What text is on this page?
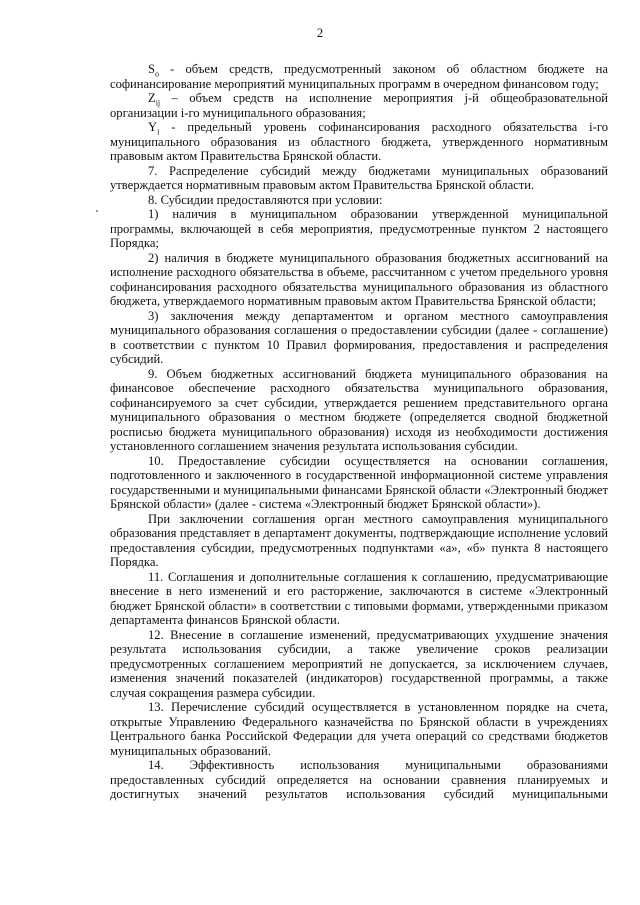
2

$S_o$ - объем средств, предусмотренный законом об областном бюджете на софинансирование мероприятий муниципальных программ в очередном финансовом году;

$Z_{ij}$ – объем средств на исполнение мероприятия j-й общеобразовательной организации i-го муниципального образования;

$Y_i$ - предельный уровень софинансирования расходного обязательства i-го муниципального образования из областного бюджета, утвержденного нормативным правовым актом Правительства Брянской области.

7. Распределение субсидий между бюджетами муниципальных образований утверждается нормативным правовым актом Правительства Брянской области.

8. Субсидии предоставляются при условии:

1) наличия в муниципальном образовании утвержденной муниципальной программы, включающей в себя мероприятия, предусмотренные пунктом 2 настоящего Порядка;

2) наличия в бюджете муниципального образования бюджетных ассигнований на исполнение расходного обязательства в объеме, рассчитанном с учетом предельного уровня софинансирования расходного обязательства муниципального образования из областного бюджета, утверждаемого нормативным правовым актом Правительства Брянской области;

3) заключения между департаментом и органом местного самоуправления муниципального образования соглашения о предоставлении субсидии (далее - соглашение) в соответствии с пунктом 10 Правил формирования, предоставления и распределения субсидий.

9. Объем бюджетных ассигнований бюджета муниципального образования на финансовое обеспечение расходного обязательства муниципального образования, софинансируемого за счет субсидии, утверждается решением представительного органа муниципального образования о местном бюджете (определяется сводной бюджетной росписью бюджета муниципального образования) исходя из необходимости достижения установленного соглашением значения результата использования субсидии.

10. Предоставление субсидии осуществляется на основании соглашения, подготовленного и заключенного в государственной информационной системе управления государственными и муниципальными финансами Брянской области «Электронный бюджет Брянской области» (далее - система «Электронный бюджет Брянской области»).

При заключении соглашения орган местного самоуправления муниципального образования представляет в департамент документы, подтверждающие исполнение условий предоставления субсидии, предусмотренных подпунктами «а», «б» пункта 8 настоящего Порядка.

11. Соглашения и дополнительные соглашения к соглашению, предусматривающие внесение в него изменений и его расторжение, заключаются в системе «Электронный бюджет Брянской области» в соответствии с типовыми формами, утвержденными приказом департамента финансов Брянской области.

12. Внесение в соглашение изменений, предусматривающих ухудшение значения результата использования субсидии, а также увеличение сроков реализации предусмотренных соглашением мероприятий не допускается, за исключением случаев, изменения значений показателей (индикаторов) государственной программы, а также случая сокращения размера субсидии.

13. Перечисление субсидий осуществляется в установленном порядке на счета, открытые Управлению Федерального казначейства по Брянской области в учреждениях Центрального банка Российской Федерации для учета операций со средствами бюджетов муниципальных образований.

14. Эффективность использования муниципальными образованиями предоставленных субсидий определяется на основании сравнения планируемых и достигнутых значений результатов использования субсидий муниципальными
